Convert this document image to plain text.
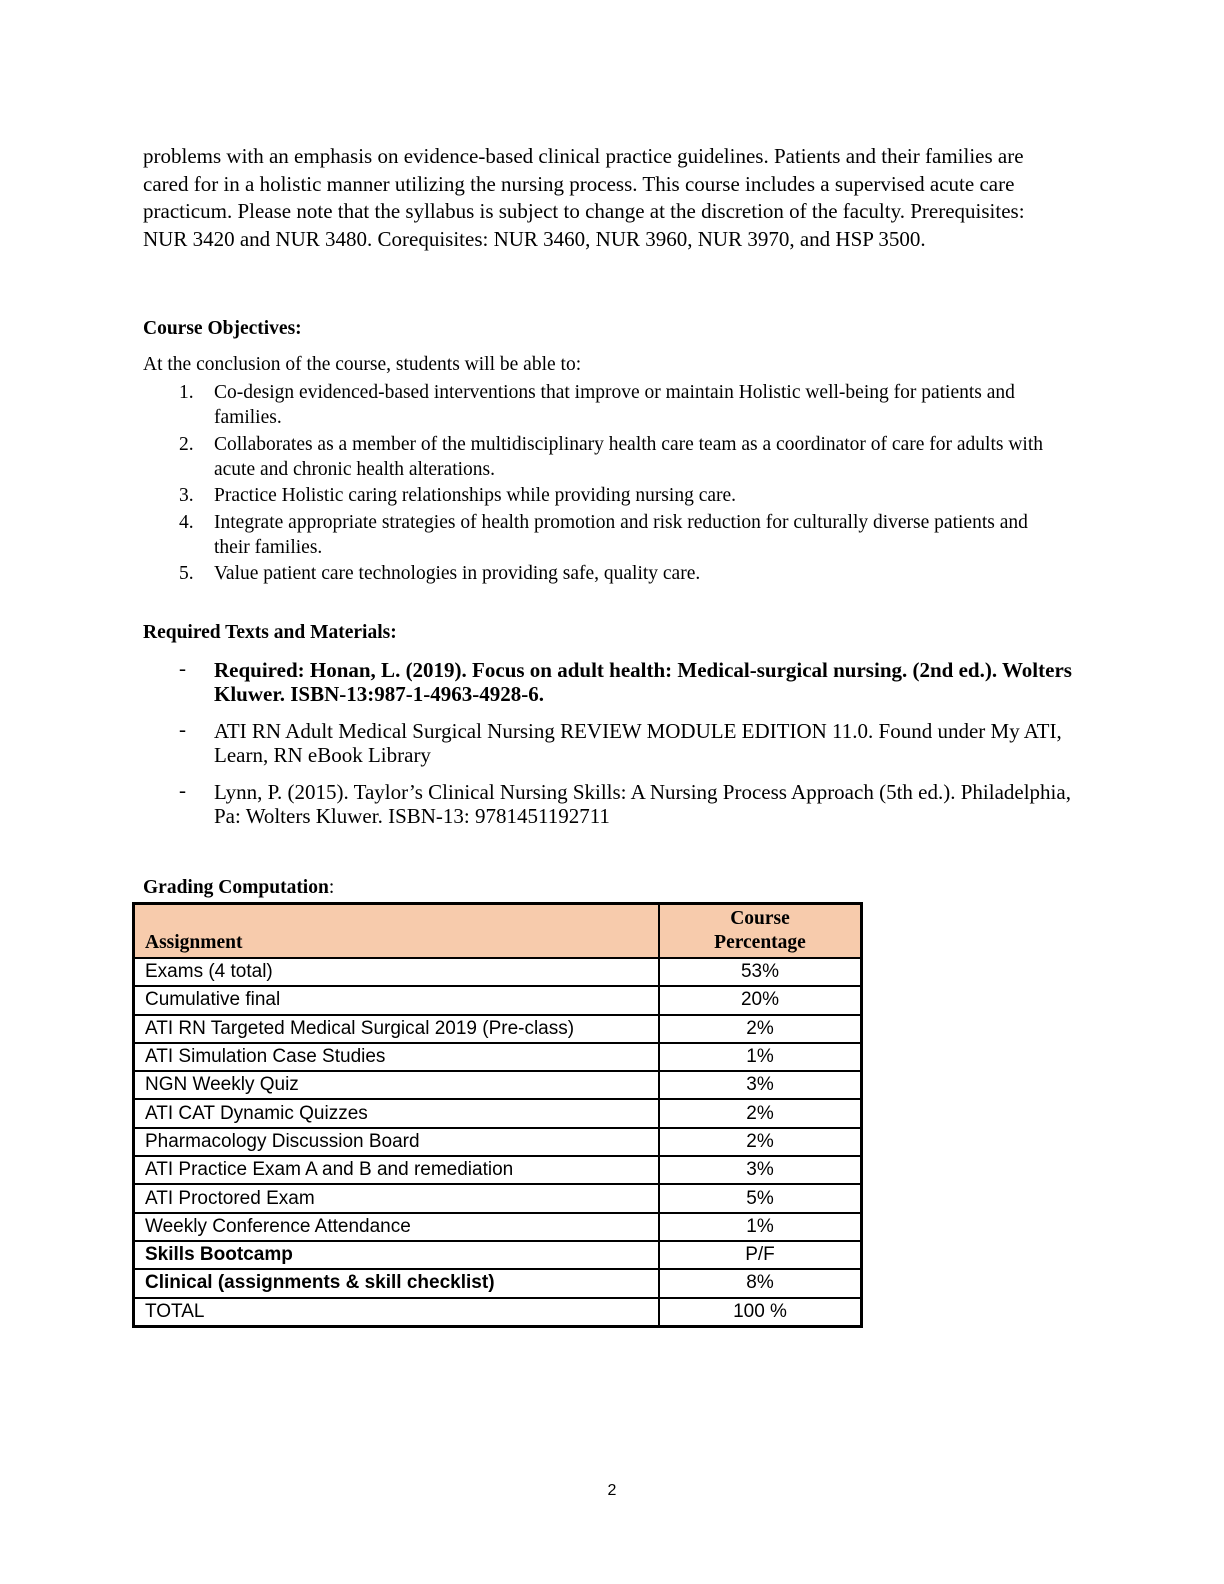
problems with an emphasis on evidence-based clinical practice guidelines. Patients and their families are cared for in a holistic manner utilizing the nursing process. This course includes a supervised acute care practicum. Please note that the syllabus is subject to change at the discretion of the faculty. Prerequisites: NUR 3420 and NUR 3480. Corequisites: NUR 3460, NUR 3960, NUR 3970, and HSP 3500.

Course Objectives:

At the conclusion of the course, students will be able to:

1. Co-design evidenced-based interventions that improve or maintain Holistic well-being for patients and families.
2. Collaborates as a member of the multidisciplinary health care team as a coordinator of care for adults with acute and chronic health alterations.
3. Practice Holistic caring relationships while providing nursing care.
4. Integrate appropriate strategies of health promotion and risk reduction for culturally diverse patients and their families.
5. Value patient care technologies in providing safe, quality care.
Required Texts and Materials:
- Required: Honan, L. (2019). Focus on adult health: Medical-surgical nursing. (2nd ed.). Wolters Kluwer. ISBN-13:987-1-4963-4928-6.
- ATI RN Adult Medical Surgical Nursing REVIEW MODULE EDITION 11.0. Found under My ATI, Learn, RN eBook Library
- Lynn, P. (2015). Taylor’s Clinical Nursing Skills: A Nursing Process Approach (5th ed.). Philadelphia, Pa: Wolters Kluwer. ISBN-13: 9781451192711

Grading Computation:

Assignment	Course
Percentage
Exams (4 total)	53%
Cumulative final	20%
ATI RN Targeted Medical Surgical 2019 (Pre-class)	2%
ATI Simulation Case Studies	1%
NGN Weekly Quiz	3%
ATI CAT Dynamic Quizzes	2%
Pharmacology Discussion Board	2%
ATI Practice Exam A and B and remediation	3%
ATI Proctored Exam	5%
Weekly Conference Attendance	1%
Skills Bootcamp	P/F
Clinical (assignments & skill checklist)	8%
TOTAL	100 %
2
